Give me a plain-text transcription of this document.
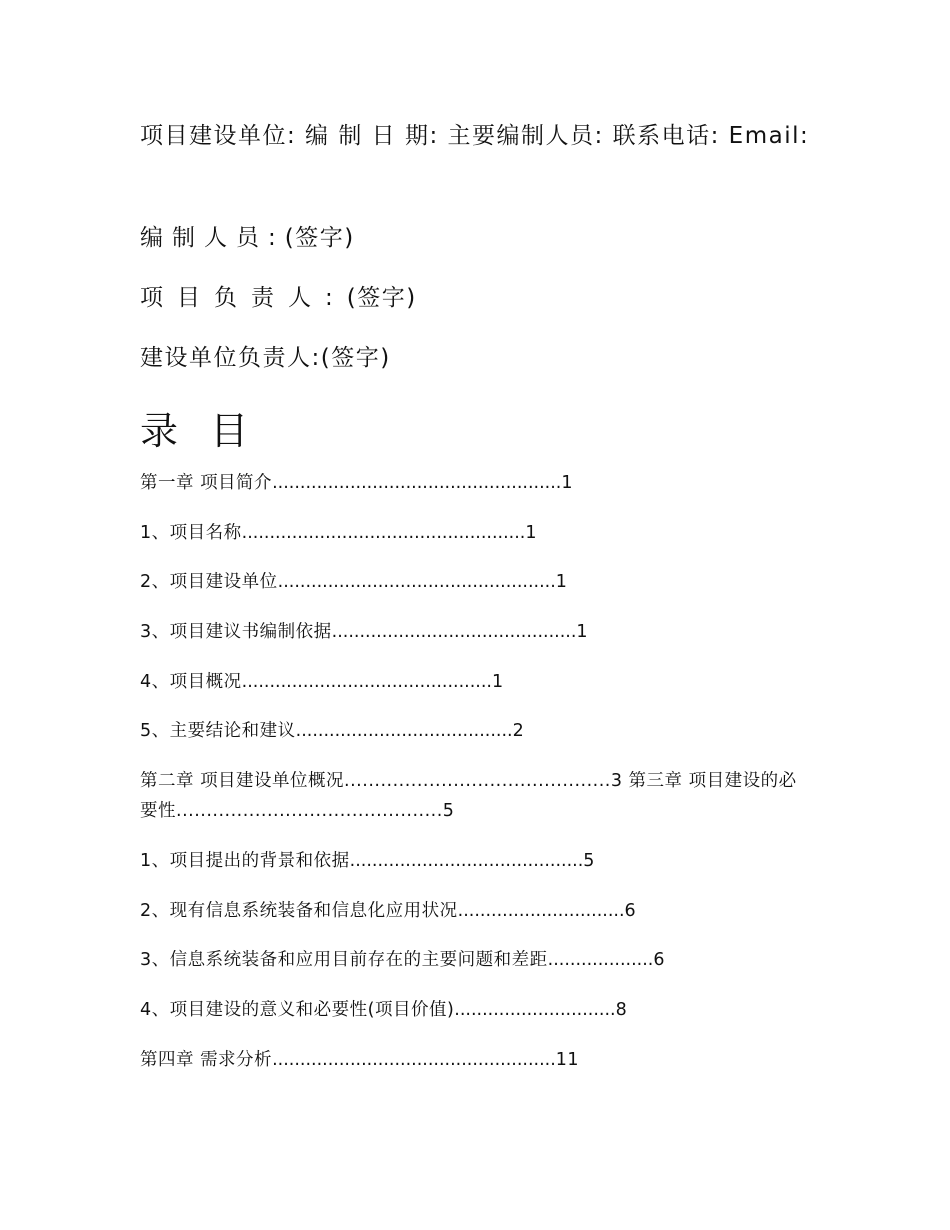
项目建设单位: 编 制 日 期: 主要编制人员: 联系电话: Email:

编制人员:(签字)
项目负责人:(签字)
建设单位负责人:(签字)
录 目
第一章 项目简介....................................................1
1、项目名称...................................................1
2、项目建设单位..................................................1
3、项目建议书编制依据............................................1
4、项目概况.............................................1
5、主要结论和建议.......................................2
第二章 项目建设单位概况............................................3 第三章 项目建设的必要性............................................5
1、项目提出的背景和依据..........................................5
2、现有信息系统装备和信息化应用状况..............................6
3、信息系统装备和应用目前存在的主要问题和差距...................6
4、项目建设的意义和必要性(项目价值).............................8
第四章 需求分析...................................................11
